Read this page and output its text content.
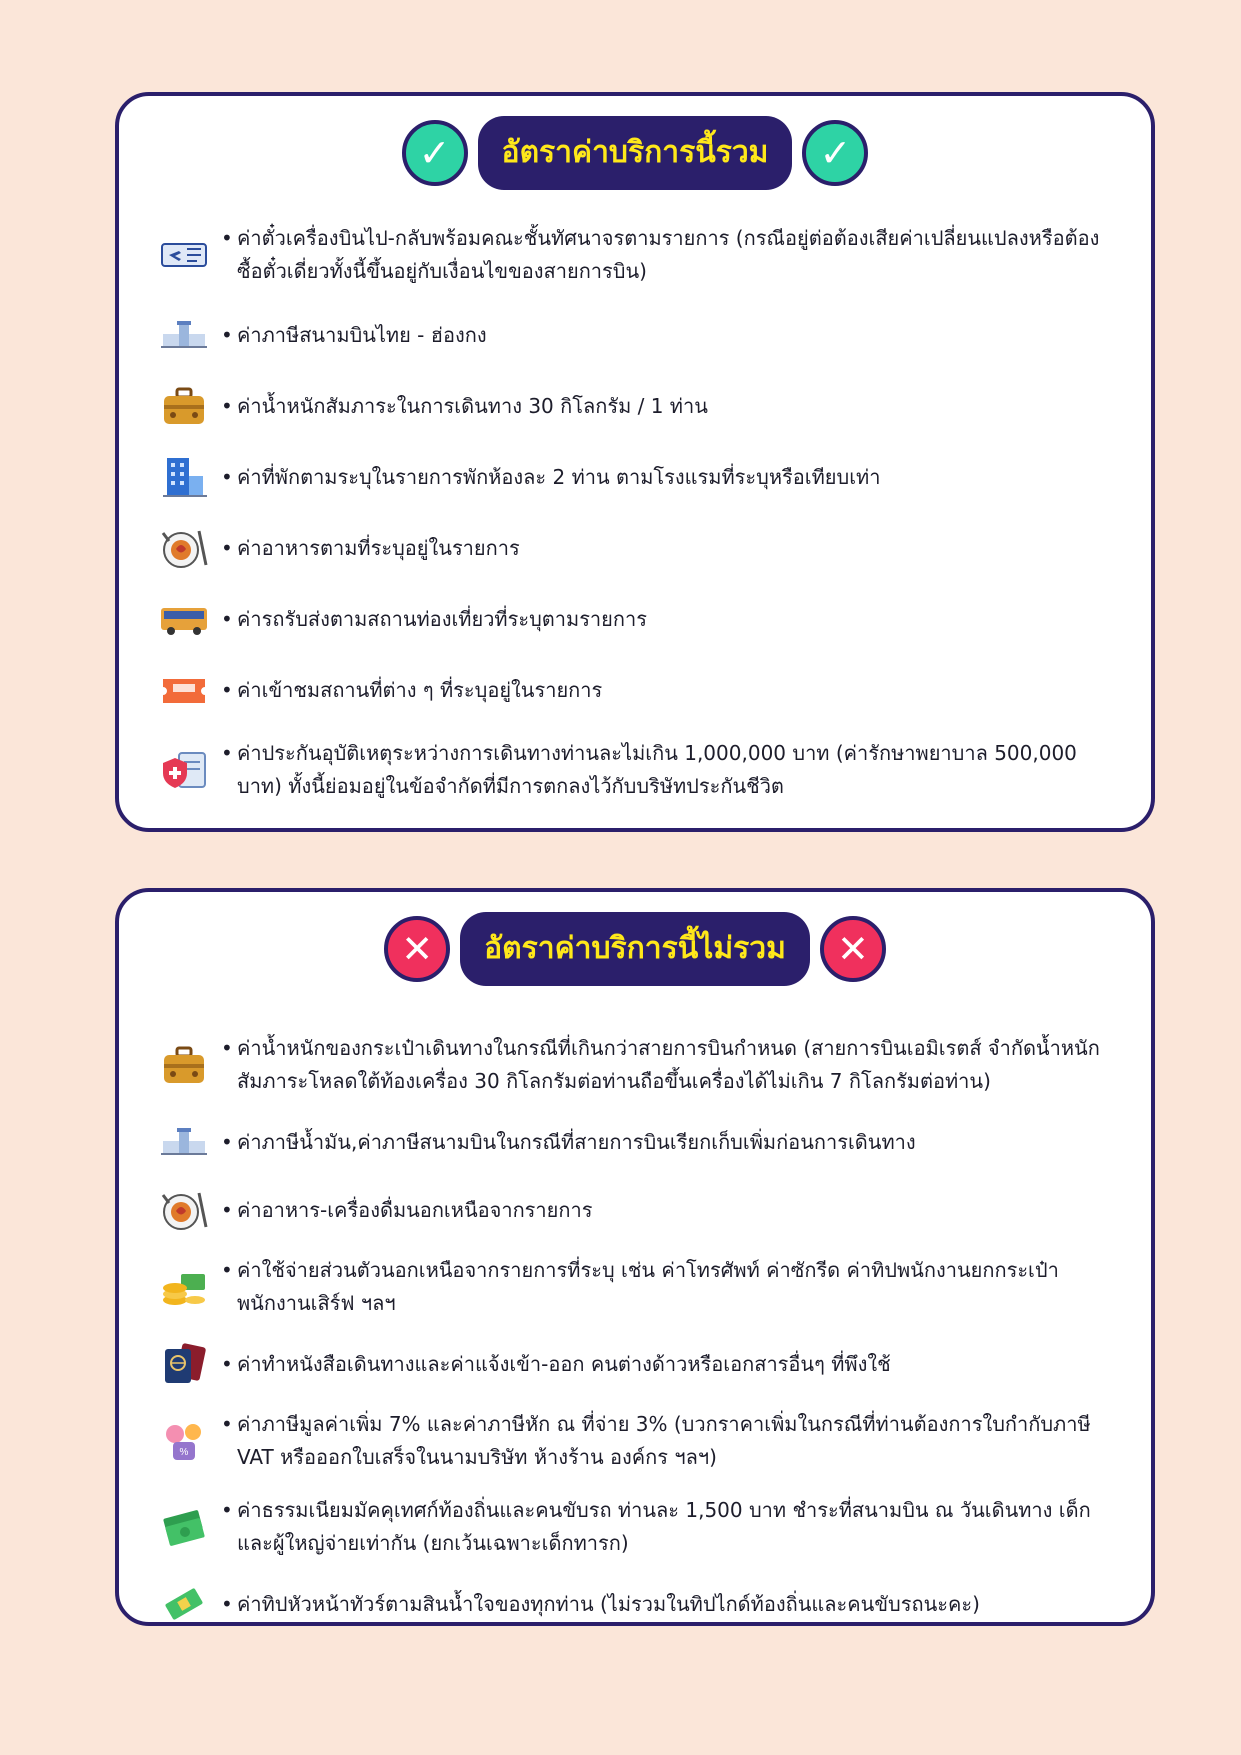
✓	อัตราค่าบริการนี้รวม	✓
• ค่าตั๋วเครื่องบินไป-กลับพร้อมคณะชั้นทัศนาจรตามรายการ (กรณีอยู่ต่อต้องเสียค่าเปลี่ยนแปลงหรือต้องซื้อตั๋วเดี่ยวทั้งนี้ขึ้นอยู่กับเงื่อนไขของสายการบิน)
• ค่าภาษีสนามบินไทย - ฮ่องกง
• ค่าน้ำหนักสัมภาระในการเดินทาง 30 กิโลกรัม / 1 ท่าน
• ค่าที่พักตามระบุในรายการพักห้องละ 2 ท่าน ตามโรงแรมที่ระบุหรือเทียบเท่า
• ค่าอาหารตามที่ระบุอยู่ในรายการ
• ค่ารถรับส่งตามสถานท่องเที่ยวที่ระบุตามรายการ
• ค่าเข้าชมสถานที่ต่าง ๆ ที่ระบุอยู่ในรายการ
• ค่าประกันอุบัติเหตุระหว่างการเดินทางท่านละไม่เกิน 1,000,000 บาท (ค่ารักษาพยาบาล 500,000 บาท) ทั้งนี้ย่อมอยู่ในข้อจำกัดที่มีการตกลงไว้กับบริษัทประกันชีวิต
✕	อัตราค่าบริการนี้ไม่รวม	✕
• ค่าน้ำหนักของกระเป๋าเดินทางในกรณีที่เกินกว่าสายการบินกำหนด (สายการบินเอมิเรตส์ จำกัดน้ำหนักสัมภาระโหลดใต้ท้องเครื่อง 30 กิโลกรัมต่อท่านถือขึ้นเครื่องได้ไม่เกิน 7 กิโลกรัมต่อท่าน)
• ค่าภาษีน้ำมัน,ค่าภาษีสนามบินในกรณีที่สายการบินเรียกเก็บเพิ่มก่อนการเดินทาง
• ค่าอาหาร-เครื่องดื่มนอกเหนือจากรายการ
• ค่าใช้จ่ายส่วนตัวนอกเหนือจากรายการที่ระบุ เช่น ค่าโทรศัพท์ ค่าซักรีด ค่าทิปพนักงานยกกระเป๋า พนักงานเสิร์ฟ ฯลฯ
• ค่าทำหนังสือเดินทางและค่าแจ้งเข้า-ออก คนต่างด้าวหรือเอกสารอื่นๆ ที่พึงใช้
%
• ค่าภาษีมูลค่าเพิ่ม 7% และค่าภาษีหัก ณ ที่จ่าย 3% (บวกราคาเพิ่มในกรณีที่ท่านต้องการใบกำกับภาษี VAT หรือออกใบเสร็จในนามบริษัท ห้างร้าน องค์กร ฯลฯ)
• ค่าธรรมเนียมมัคคุเทศก์ท้องถิ่นและคนขับรถ ท่านละ 1,500 บาท ชำระที่สนามบิน ณ วันเดินทาง เด็กและผู้ใหญ่จ่ายเท่ากัน (ยกเว้นเฉพาะเด็กทารก)
• ค่าทิปหัวหน้าทัวร์ตามสินน้ำใจของทุกท่าน (ไม่รวมในทิปไกด์ท้องถิ่นและคนขับรถนะคะ)
